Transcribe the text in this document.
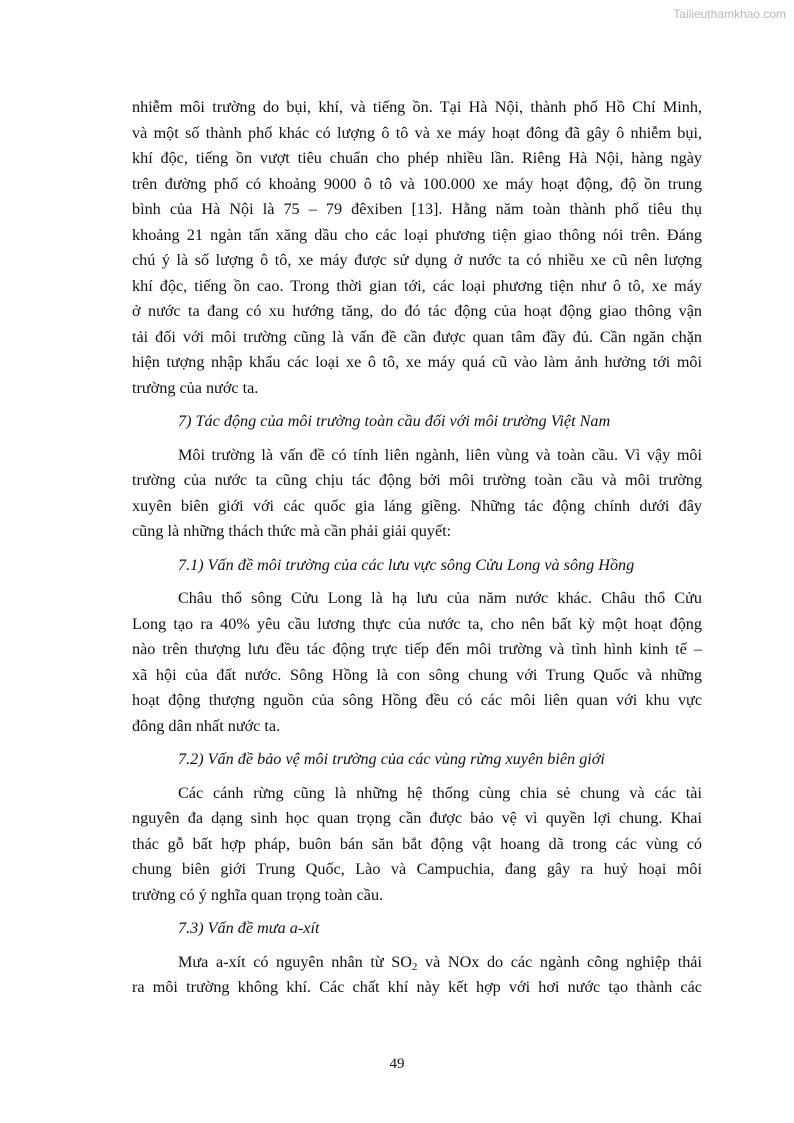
Tailieuthamkhao.com

nhiễm môi trường do bụi, khí, và tiếng ồn. Tại Hà Nội, thành phố Hồ Chí Minh,

và một số thành phố khác có lượng ô tô và xe máy hoạt đông đã gây ô nhiễm bụi,

khí độc, tiếng ồn vượt tiêu chuẩn cho phép nhiều lần. Riêng Hà Nội, hàng ngày

trên đường phố có khoảng 9000 ô tô và 100.000 xe máy hoạt động, độ ồn trung

bình của Hà Nội là 75 – 79 đêxiben [13]. Hằng năm toàn thành phố tiêu thụ

khoảng 21 ngàn tấn xăng dầu cho các loại phương tiện giao thông nói trên. Đáng

chú ý là số lượng ô tô, xe máy được sử dụng ở nước ta có nhiều xe cũ nên lượng

khí độc, tiếng ồn cao. Trong thời gian tới, các loại phương tiện như ô tô, xe máy

ở nước ta đang có xu hướng tăng, do đó tác động của hoạt động giao thông vận

tải đối với môi trường cũng là vấn đề cần được quan tâm đầy đủ. Cần ngăn chặn

hiện tượng nhập khẩu các loại xe ô tô, xe máy quá cũ vào làm ảnh hưởng tới môi

trường của nước ta.

7) Tác động của môi trường toàn cầu đối với môi trường Việt Nam

Môi trường là vấn đề có tính liên ngành, liên vùng và toàn cầu. Vì vậy môi

trường của nước ta cũng chịu tác động bởi môi trường toàn cầu và môi trường

xuyên biên giới với các quốc gia láng giềng. Những tác động chính dưới đây

cũng là những thách thức mà cần phải giải quyết:

7.1) Vấn đề môi trường của các lưu vực sông Cửu Long và sông Hồng

Châu thổ sông Cửu Long là hạ lưu của năm nước khác. Châu thổ Cửu

Long tạo ra 40% yêu cầu lương thực của nước ta, cho nên bất kỳ một hoạt động

nào trên thượng lưu đều tác động trực tiếp đến môi trường và tình hình kinh tế –

xã hội của đất nước. Sông Hồng là con sông chung với Trung Quốc và những

hoạt động thượng nguồn của sông Hồng đều có các môi liên quan với khu vực

đông dân nhất nước ta.

7.2) Vấn đề bảo vệ môi trường của các vùng rừng xuyên biên giới

Các cánh rừng cũng là những hệ thống cùng chia sẻ chung và các tài

nguyên đa dạng sinh học quan trọng cần được bảo vệ vì quyền lợi chung. Khai

thác gỗ bất hợp pháp, buôn bán săn bắt động vật hoang dã trong các vùng có

chung biên giới Trung Quốc, Lào và Campuchia, đang gây ra huỷ hoại môi

trường có ý nghĩa quan trọng toàn cầu.

7.3) Vấn đề mưa a-xít

Mưa a-xít có nguyên nhân từ $SO_2$ và NOx do các ngành công nghiệp thải

ra môi trường không khí. Các chất khí này kết hợp với hơi nước tạo thành các

49
